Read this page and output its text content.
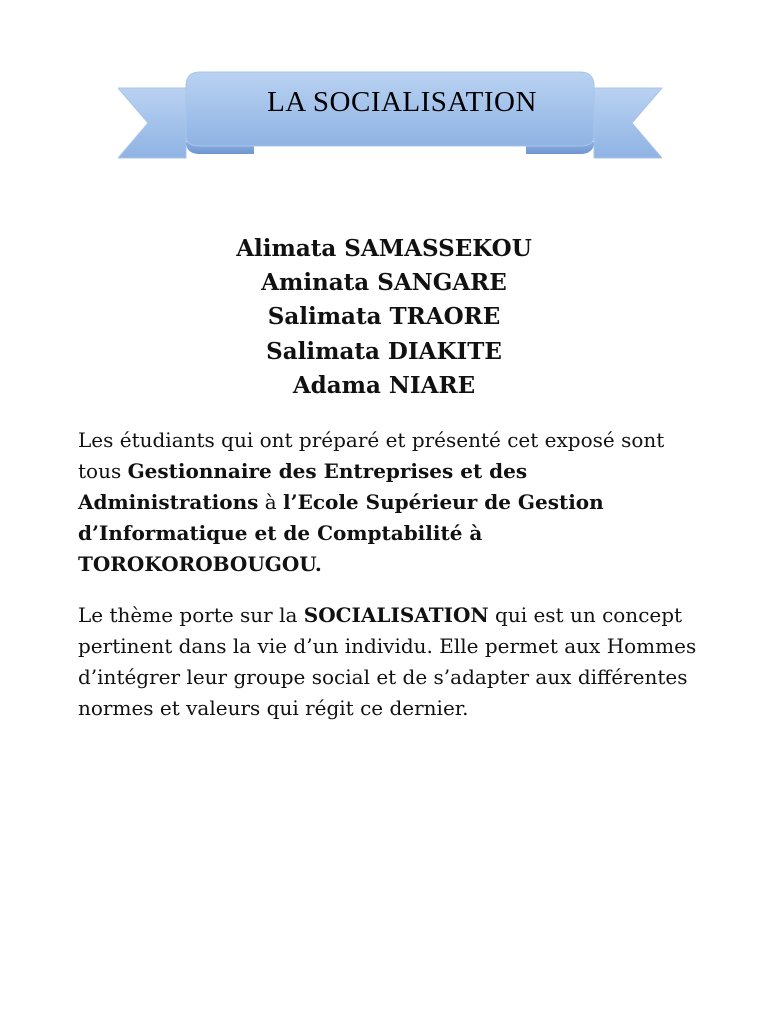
LA SOCIALISATION
Alimata SAMASSEKOU
Aminata SANGARE
Salimata TRAORE
Salimata DIAKITE
Adama NIARE

Les étudiants qui ont préparé et présenté cet exposé sont tous Gestionnaire des Entreprises et des Administrations à l’Ecole Supérieur de Gestion d’Informatique et de Comptabilité à TOROKOROBOUGOU.

Le thème porte sur la SOCIALISATION qui est un concept pertinent dans la vie d’un individu. Elle permet aux Hommes d’intégrer leur groupe social et de s’adapter aux différentes normes et valeurs qui régit ce dernier.
